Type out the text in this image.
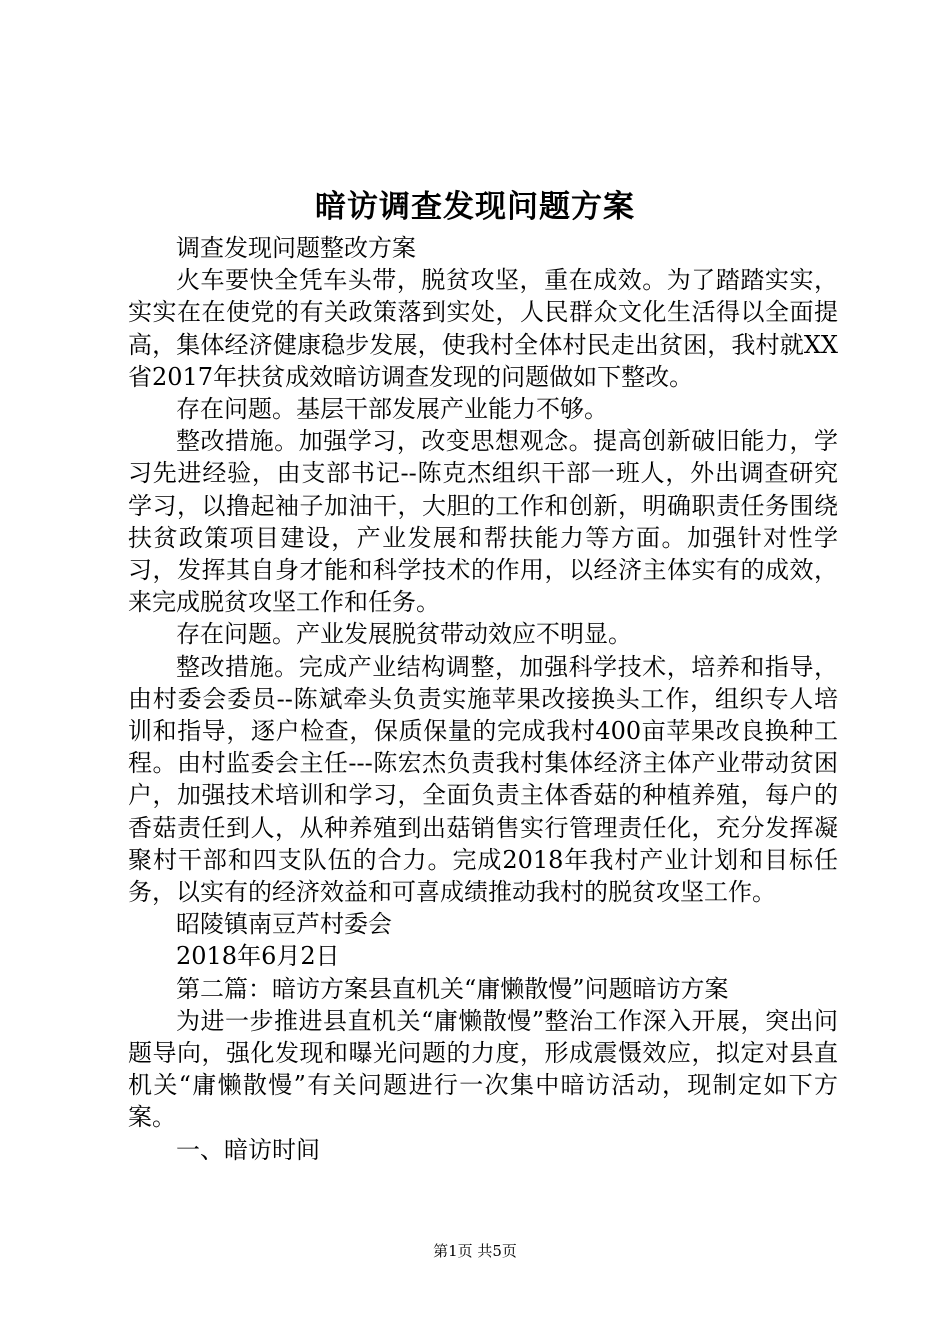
暗访调查发现问题方案

调查发现问题整改方案

火车要快全凭车头带，脱贫攻坚，重在成效。为了踏踏实实，实实在在使党的有关政策落到实处，人民群众文化生活得以全面提高，集体经济健康稳步发展，使我村全体村民走出贫困，我村就XX省2017年扶贫成效暗访调查发现的问题做如下整改。

存在问题。基层干部发展产业能力不够。

整改措施。加强学习，改变思想观念。提高创新破旧能力，学习先进经验，由支部书记--陈克杰组织干部一班人，外出调查研究学习，以撸起袖子加油干，大胆的工作和创新，明确职责任务围绕扶贫政策项目建设，产业发展和帮扶能力等方面。加强针对性学习，发挥其自身才能和科学技术的作用，以经济主体实有的成效，来完成脱贫攻坚工作和任务。

存在问题。产业发展脱贫带动效应不明显。

整改措施。完成产业结构调整，加强科学技术，培养和指导，由村委会委员--陈斌牵头负责实施苹果改接换头工作，组织专人培训和指导，逐户检查，保质保量的完成我村400亩苹果改良换种工程。由村监委会主任---陈宏杰负责我村集体经济主体产业带动贫困户，加强技术培训和学习，全面负责主体香菇的种植养殖，每户的香菇责任到人，从种养殖到出菇销售实行管理责任化，充分发挥凝聚村干部和四支队伍的合力。完成2018年我村产业计划和目标任务，以实有的经济效益和可喜成绩推动我村的脱贫攻坚工作。

昭陵镇南豆芦村委会

2018年6月2日

第二篇：暗访方案县直机关“庸懒散慢”问题暗访方案

为进一步推进县直机关“庸懒散慢”整治工作深入开展，突出问题导向，强化发现和曝光问题的力度，形成震慑效应，拟定对县直机关“庸懒散慢”有关问题进行一次集中暗访活动，现制定如下方案。

一、暗访时间

第1页 共5页
